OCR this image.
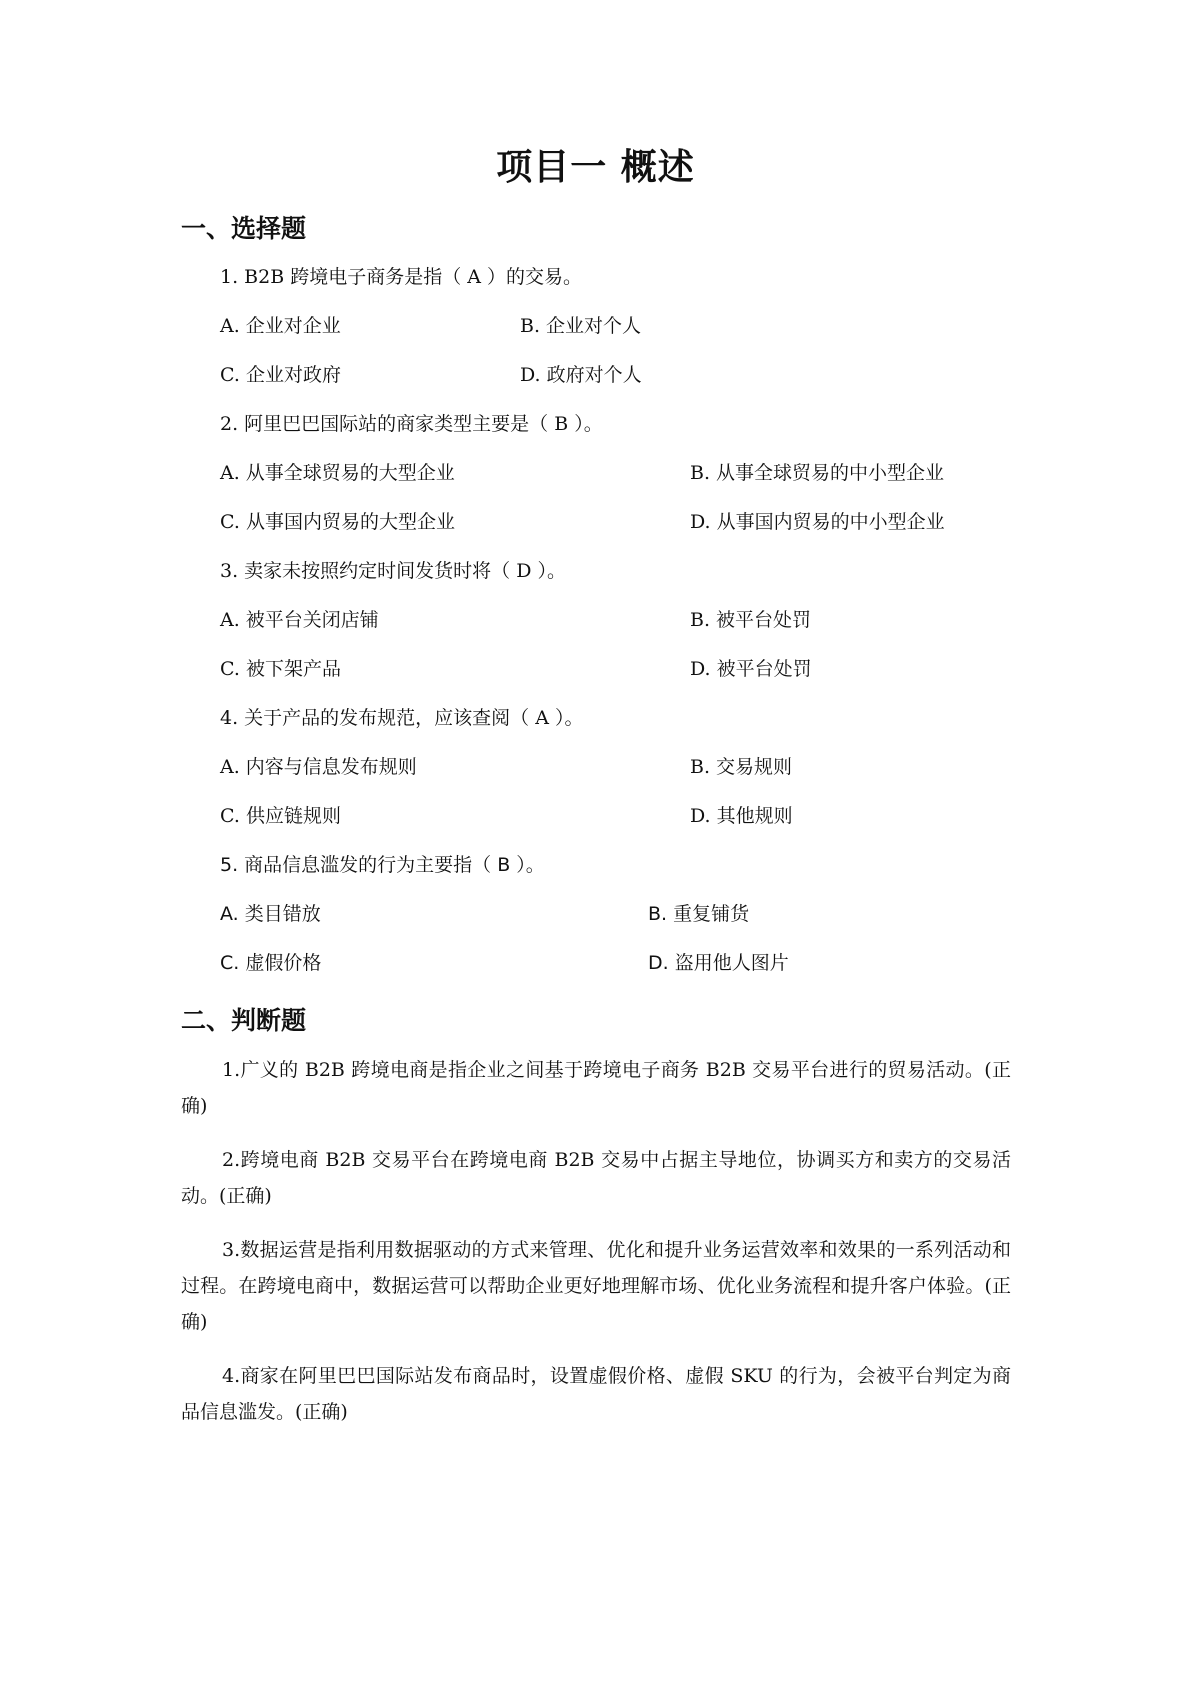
项目一 概述
一、选择题
1. B2B 跨境电子商务是指（ A ）的交易。
A. 企业对企业	B. 企业对个人
C. 企业对政府	D. 政府对个人
2. 阿里巴巴国际站的商家类型主要是（ B ）。
A. 从事全球贸易的大型企业	B. 从事全球贸易的中小型企业
C. 从事国内贸易的大型企业	D. 从事国内贸易的中小型企业
3. 卖家未按照约定时间发货时将（ D ）。
A. 被平台关闭店铺	B. 被平台处罚
C. 被下架产品	D. 被平台处罚
4. 关于产品的发布规范，应该查阅（ A ）。
A. 内容与信息发布规则	B. 交易规则
C. 供应链规则	D. 其他规则
5. 商品信息滥发的行为主要指（ B ）。
A. 类目错放	B. 重复铺货
C. 虚假价格	D. 盗用他人图片
二、判断题

1.广义的 B2B 跨境电商是指企业之间基于跨境电子商务 B2B 交易平台进行的贸易活动。(正确)

2.跨境电商 B2B 交易平台在跨境电商 B2B 交易中占据主导地位，协调买方和卖方的交易活动。(正确)

3.数据运营是指利用数据驱动的方式来管理、优化和提升业务运营效率和效果的一系列活动和过程。在跨境电商中，数据运营可以帮助企业更好地理解市场、优化业务流程和提升客户体验。(正确)

4.商家在阿里巴巴国际站发布商品时，设置虚假价格、虚假 SKU 的行为，会被平台判定为商品信息滥发。(正确)
